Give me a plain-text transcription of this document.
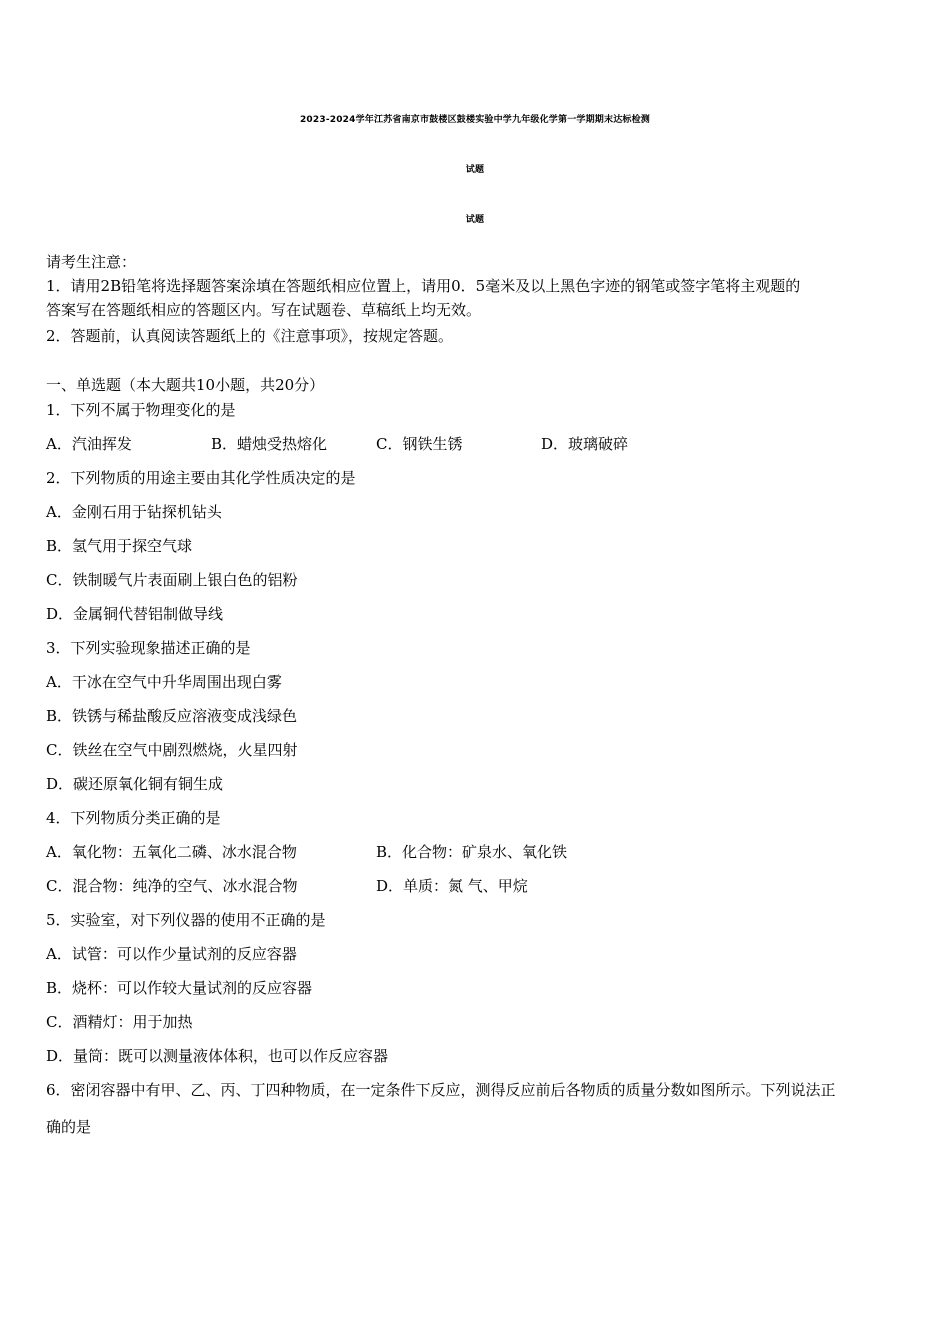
2023-2024学年江苏省南京市鼓楼区鼓楼实验中学九年级化学第一学期期末达标检测
试题
试题
请考生注意：
1．请用2B铅笔将选择题答案涂填在答题纸相应位置上，请用0．5毫米及以上黑色字迹的钢笔或签字笔将主观题的
答案写在答题纸相应的答题区内。写在试题卷、草稿纸上均无效。
2．答题前，认真阅读答题纸上的《注意事项》，按规定答题。
一、单选题（本大题共10小题，共20分）
1．下列不属于物理变化的是
A．汽油挥发	B．蜡烛受热熔化	C．钢铁生锈	D．玻璃破碎
2．下列物质的用途主要由其化学性质决定的是
A．金刚石用于钻探机钻头
B．氢气用于探空气球
C．铁制暖气片表面刷上银白色的铝粉
D．金属铜代替铝制做导线
3．下列实验现象描述正确的是
A．干冰在空气中升华周围出现白雾
B．铁锈与稀盐酸反应溶液变成浅绿色
C．铁丝在空气中剧烈燃烧，火星四射
D．碳还原氧化铜有铜生成
4．下列物质分类正确的是
A．氧化物：五氧化二磷、冰水混合物	B．化合物：矿泉水、氧化铁
C．混合物：纯净的空气、冰水混合物	D．单质：氮 气、甲烷
5．实验室，对下列仪器的使用不正确的是
A．试管：可以作少量试剂的反应容器
B．烧杯：可以作较大量试剂的反应容器
C．酒精灯：用于加热
D．量筒：既可以测量液体体积，也可以作反应容器
6．密闭容器中有甲、乙、丙、丁四种物质，在一定条件下反应，测得反应前后各物质的质量分数如图所示。下列说法正
确的是
